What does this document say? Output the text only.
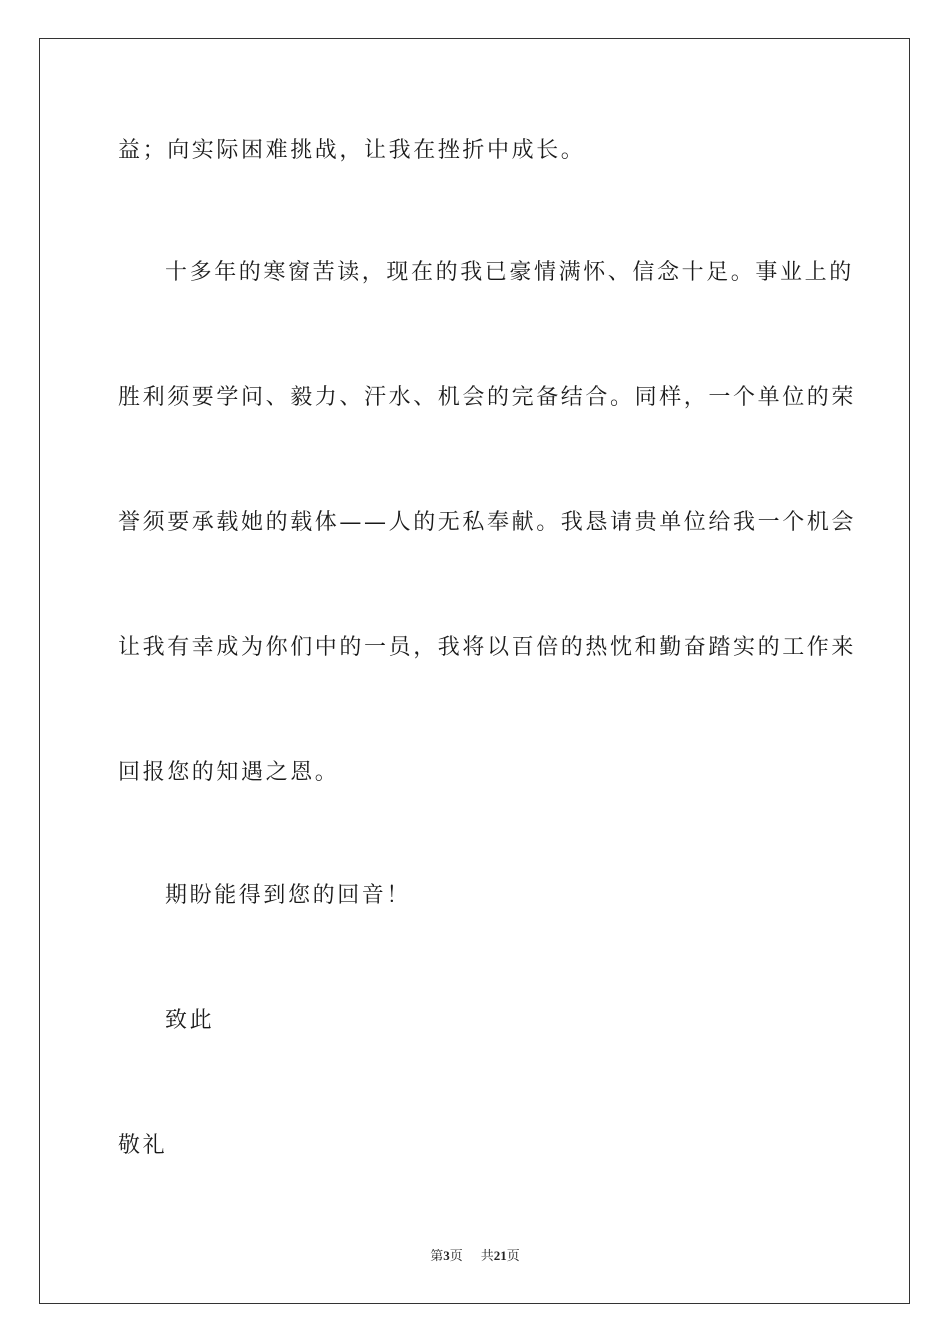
益；向实际困难挑战，让我在挫折中成长。
十多年的寒窗苦读，现在的我已豪情满怀、信念十足。事业上的
胜利须要学问、毅力、汗水、机会的完备结合。同样，一个单位的荣
誉须要承载她的载体——人的无私奉献。我恳请贵单位给我一个机会
让我有幸成为你们中的一员，我将以百倍的热忱和勤奋踏实的工作来
回报您的知遇之恩。
期盼能得到您的回音！
致此
敬礼
第3页 共21页
